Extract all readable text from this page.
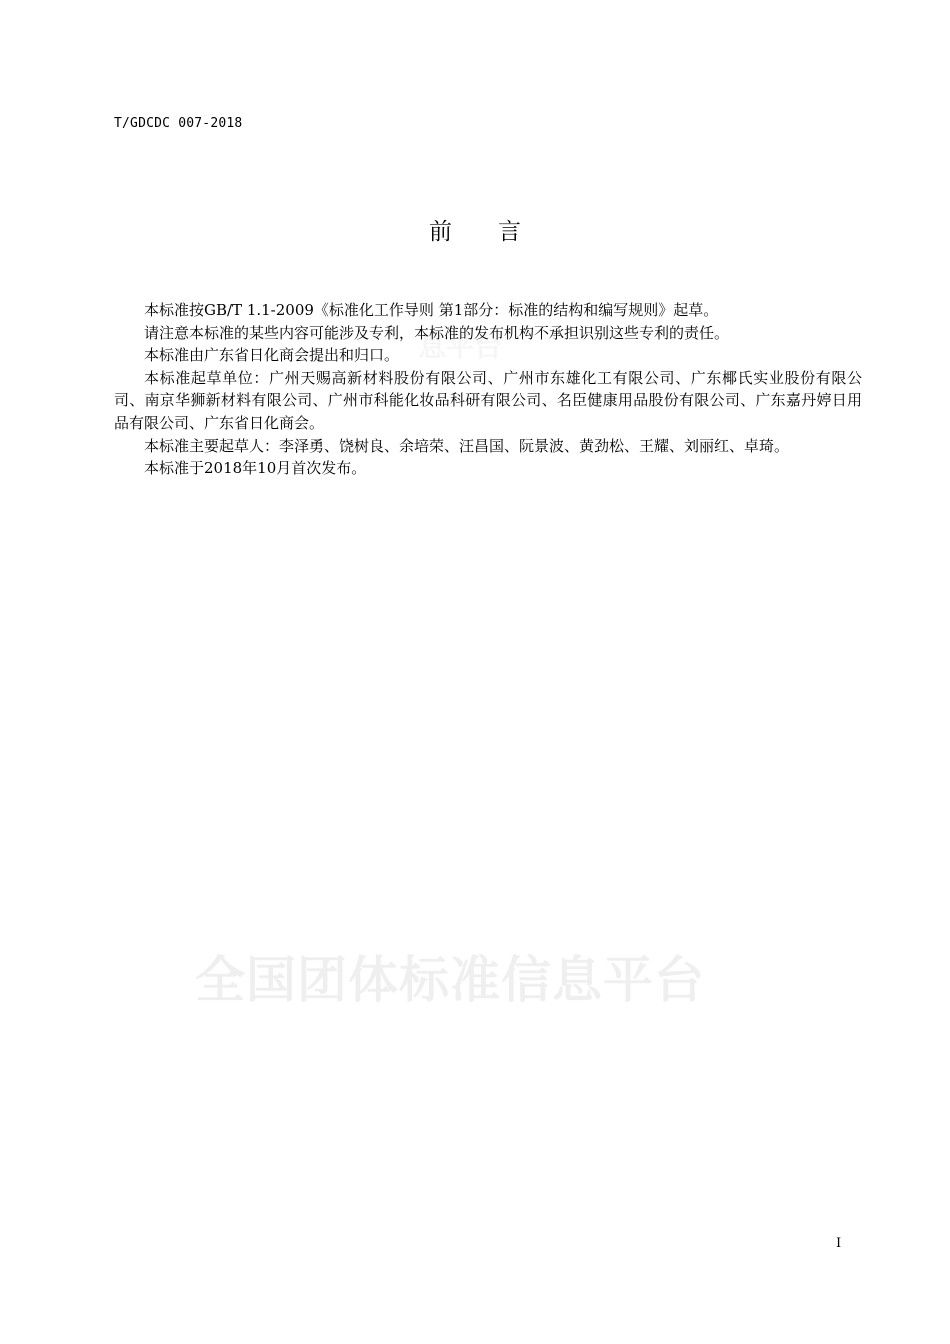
全国团体标准信息平台
T/GDCDC 007-2018
前 言

本标准按GB/T 1.1-2009《标准化工作导则 第1部分：标准的结构和编写规则》起草。

请注意本标准的某些内容可能涉及专利，本标准的发布机构不承担识别这些专利的责任。

本标准由广东省日化商会提出和归口。

本标准起草单位：广州天赐高新材料股份有限公司、广州市东雄化工有限公司、广东椰氏实业股份有限公司、南京华狮新材料有限公司、广州市科能化妆品科研有限公司、名臣健康用品股份有限公司、广东嘉丹婷日用品有限公司、广东省日化商会。

本标准主要起草人：李泽勇、饶树良、余培荣、汪昌国、阮景波、黄劲松、王耀、刘丽红、卓琦。

本标准于2018年10月首次发布。

I
